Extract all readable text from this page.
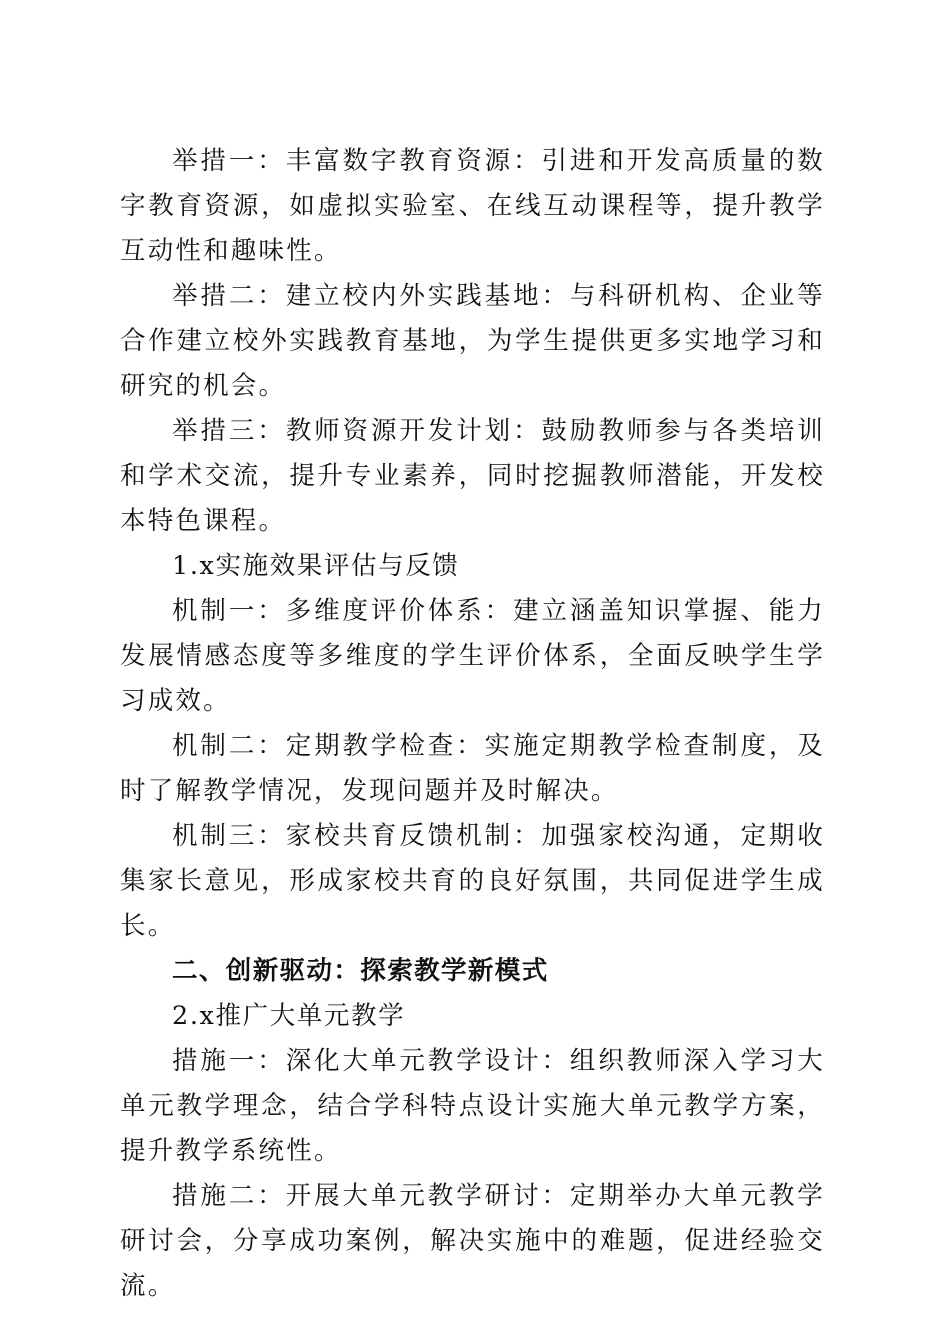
举措一：丰富数字教育资源：引进和开发高质量的数字教育资源，如虚拟实验室、在线互动课程等，提升教学互动性和趣味性。

举措二：建立校内外实践基地：与科研机构、企业等合作建立校外实践教育基地，为学生提供更多实地学习和研究的机会。

举措三：教师资源开发计划：鼓励教师参与各类培训和学术交流，提升专业素养，同时挖掘教师潜能，开发校本特色课程。

1.x实施效果评估与反馈

机制一：多维度评价体系：建立涵盖知识掌握、能力发展情感态度等多维度的学生评价体系，全面反映学生学习成效。

机制二：定期教学检查：实施定期教学检查制度，及时了解教学情况，发现问题并及时解决。

机制三：家校共育反馈机制：加强家校沟通，定期收集家长意见，形成家校共育的良好氛围，共同促进学生成长。

二、创新驱动：探索教学新模式

2.x推广大单元教学

措施一：深化大单元教学设计：组织教师深入学习大单元教学理念，结合学科特点设计实施大单元教学方案，提升教学系统性。

措施二：开展大单元教学研讨：定期举办大单元教学研讨会，分享成功案例，解决实施中的难题，促进经验交流。
